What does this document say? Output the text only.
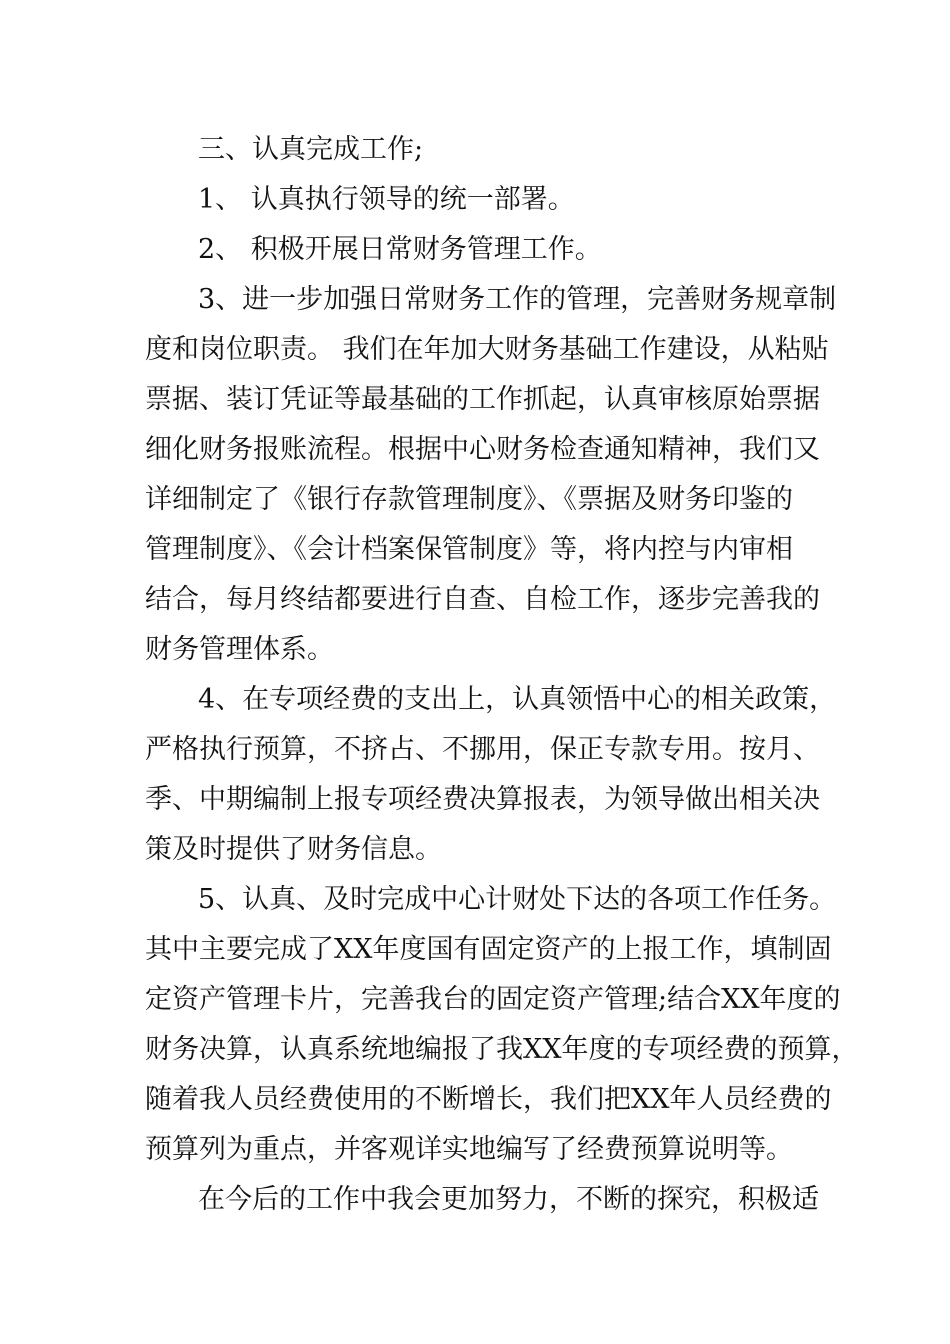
三、认真完成工作;
1、 认真执行领导的统一部署。
2、 积极开展日常财务管理工作。
3、进一步加强日常财务工作的管理，完善财务规章制
度和岗位职责。 我们在年加大财务基础工作建设，从粘贴
票据、装订凭证等最基础的工作抓起，认真审核原始票据
细化财务报账流程。根据中心财务检查通知精神，我们又
详细制定了《银行存款管理制度》、《票据及财务印鉴的
管理制度》、《会计档案保管制度》等，将内控与内审相
结合，每月终结都要进行自查、自检工作，逐步完善我的
财务管理体系。
4、在专项经费的支出上，认真领悟中心的相关政策，
严格执行预算，不挤占、不挪用，保正专款专用。按月、
季、中期编制上报专项经费决算报表，为领导做出相关决
策及时提供了财务信息。
5、认真、及时完成中心计财处下达的各项工作任务。
其中主要完成了XX年度国有固定资产的上报工作，填制固
定资产管理卡片，完善我台的固定资产管理;结合XX年度的
财务决算，认真系统地编报了我XX年度的专项经费的预算，
随着我人员经费使用的不断增长，我们把XX年人员经费的
预算列为重点，并客观详实地编写了经费预算说明等。
在今后的工作中我会更加努力，不断的探究，积极适
